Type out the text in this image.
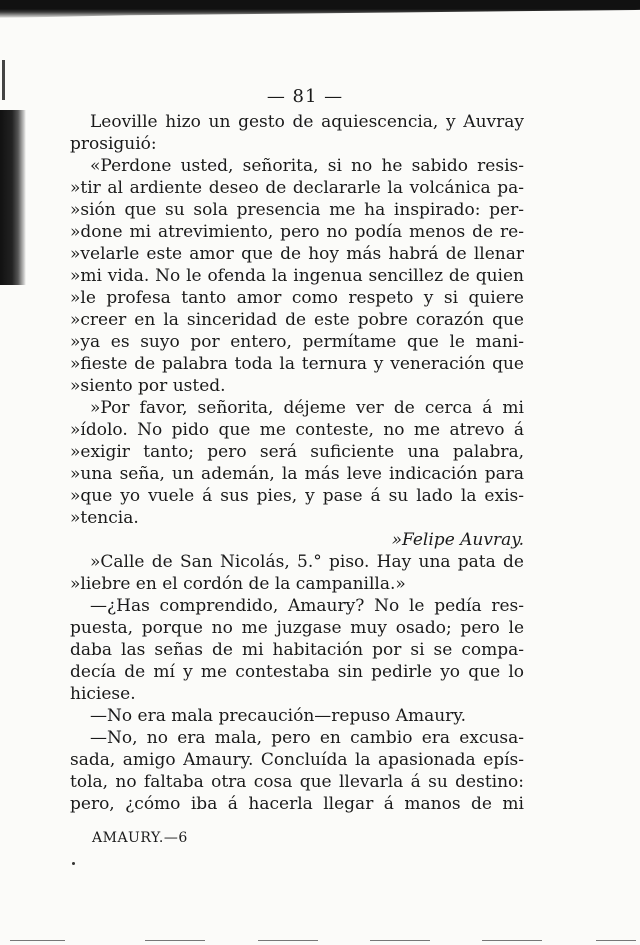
— 81 —
Leoville hizo un gesto de aquiescencia, y Auvray
prosiguió:
«Perdone usted, señorita, si no he sabido resis-
»tir al ardiente deseo de declararle la volcánica pa-
»sión que su sola presencia me ha inspirado: per-
»done mi atrevimiento, pero no podía menos de re-
»velarle este amor que de hoy más habrá de llenar
»mi vida. No le ofenda la ingenua sencillez de quien
»le profesa tanto amor como respeto y si quiere
»creer en la sinceridad de este pobre corazón que
»ya es suyo por entero, permítame que le mani-
»fieste de palabra toda la ternura y veneración que
»siento por usted.
»Por favor, señorita, déjeme ver de cerca á mi
»ídolo. No pido que me conteste, no me atrevo á
»exigir tanto; pero será suficiente una palabra,
»una seña, un ademán, la más leve indicación para
»que yo vuele á sus pies, y pase á su lado la exis-
»tencia.
»Felipe Auvray.
»Calle de San Nicolás, 5.° piso. Hay una pata de
»liebre en el cordón de la campanilla.»
—¿Has comprendido, Amaury? No le pedía res-
puesta, porque no me juzgase muy osado; pero le
daba las señas de mi habitación por si se compa-
decía de mí y me contestaba sin pedirle yo que lo
hiciese.
—No era mala precaución—repuso Amaury.
—No, no era mala, pero en cambio era excusa-
sada, amigo Amaury. Concluída la apasionada epís-
tola, no faltaba otra cosa que llevarla á su destino:
pero, ¿cómo iba á hacerla llegar á manos de mi
AMAURY.—6
